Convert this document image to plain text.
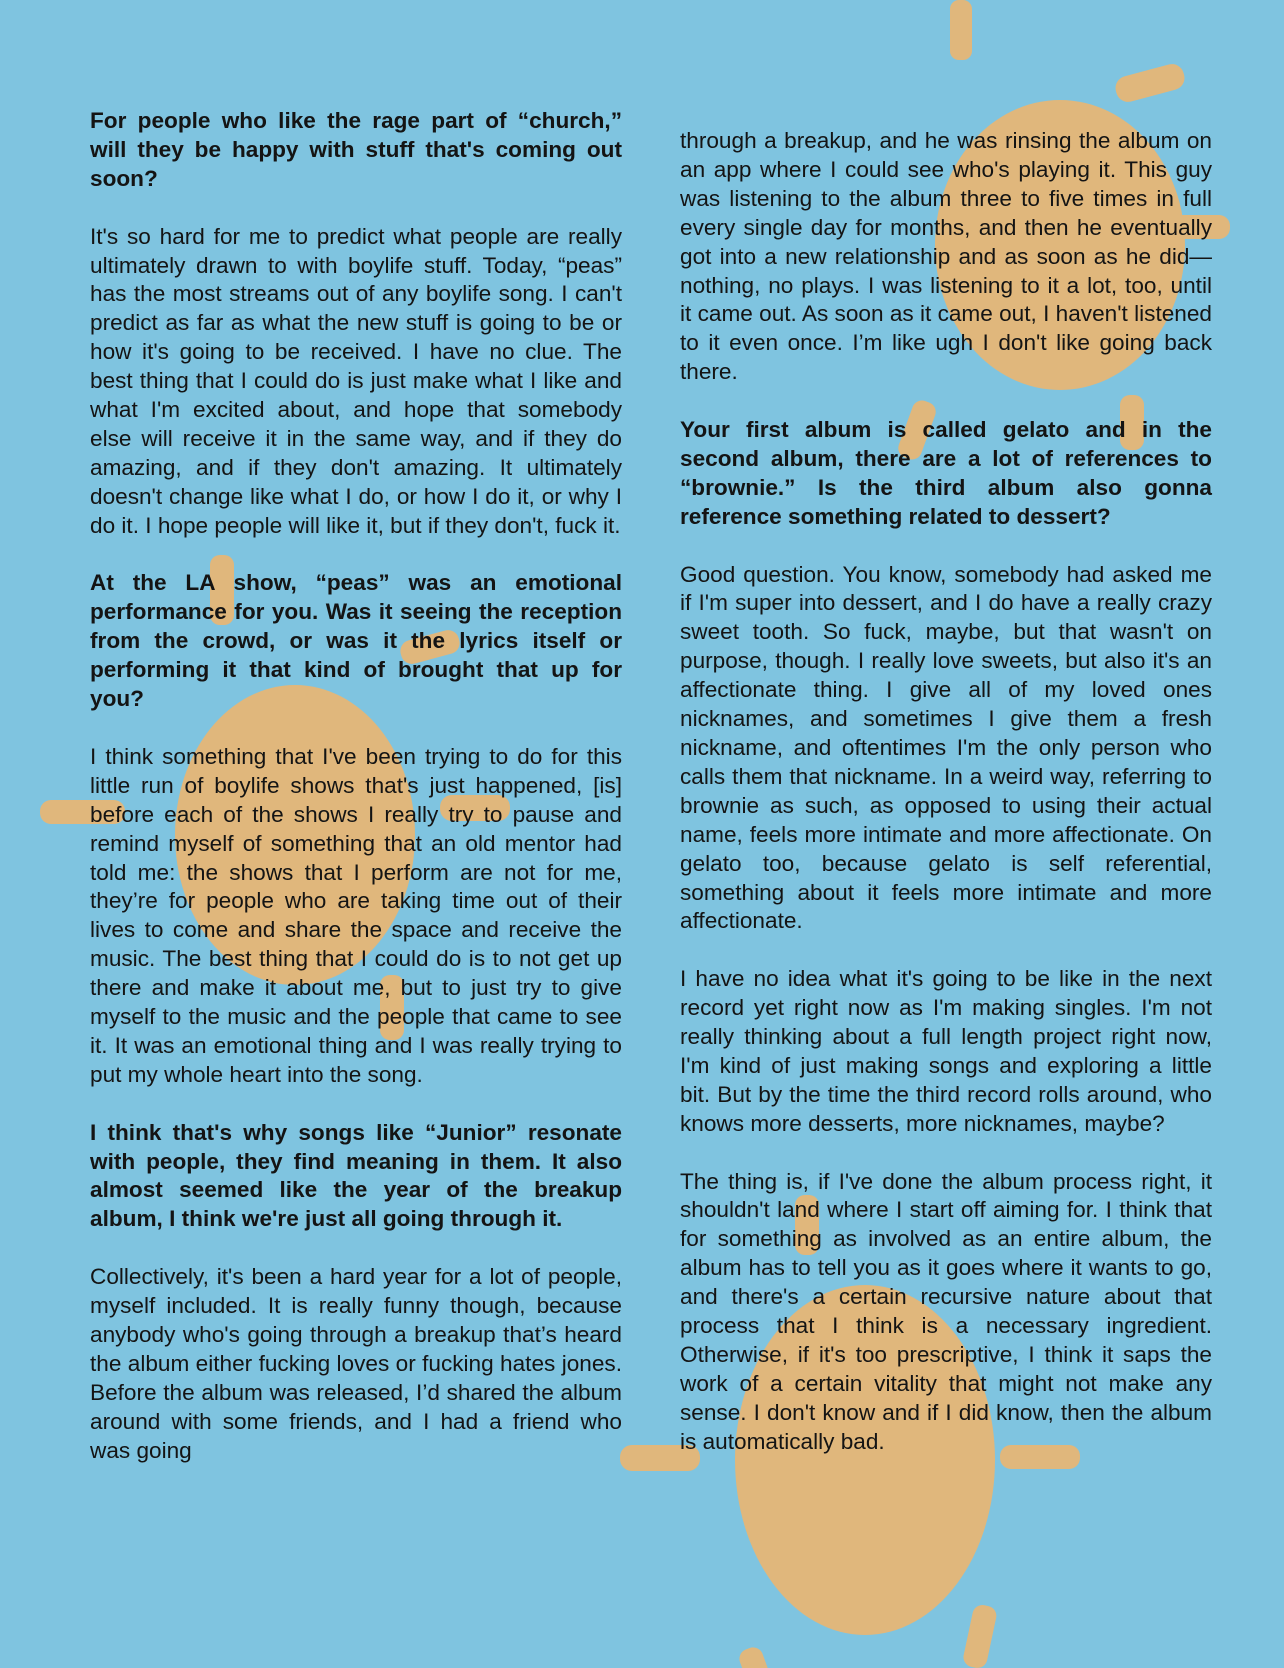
For people who like the rage part of “church,” will they be happy with stuff that's coming out soon?

It's so hard for me to predict what people are really ultimately drawn to with boylife stuff. Today, “peas” has the most streams out of any boylife song. I can't predict as far as what the new stuff is going to be or how it's going to be received. I have no clue. The best thing that I could do is just make what I like and what I'm excited about, and hope that somebody else will receive it in the same way, and if they do amazing, and if they don't amazing. It ultimately doesn't change like what I do, or how I do it, or why I do it. I hope people will like it, but if they don't, fuck it.

At the LA show, “peas” was an emotional performance for you. Was it seeing the reception from the crowd, or was it the lyrics itself or performing it that kind of brought that up for you?

I think something that I've been trying to do for this little run of boylife shows that's just happened, [is] before each of the shows I really try to pause and remind myself of something that an old mentor had told me: the shows that I perform are not for me, they’re for people who are taking time out of their lives to come and share the space and receive the music. The best thing that I could do is to not get up there and make it about me, but to just try to give myself to the music and the people that came to see it. It was an emotional thing and I was really trying to put my whole heart into the song.

I think that's why songs like “Junior” resonate with people, they find meaning in them. It also almost seemed like the year of the breakup album, I think we're just all going through it.

Collectively, it's been a hard year for a lot of people, myself included. It is really funny though, because anybody who's going through a breakup that’s heard the album either fucking loves or fucking hates jones. Before the album was released, I’d shared the album around with some friends, and I had a friend who was going

through a breakup, and he was rinsing the album on an app where I could see who's playing it. This guy was listening to the album three to five times in full every single day for months, and then he eventually got into a new relationship and as soon as he did—nothing, no plays. I was listening to it a lot, too, until it came out. As soon as it came out, I haven't listened to it even once. I’m like ugh I don't like going back there.

Your first album is called gelato and in the second album, there are a lot of references to “brownie.” Is the third album also gonna reference something related to dessert?

Good question. You know, somebody had asked me if I'm super into dessert, and I do have a really crazy sweet tooth. So fuck, maybe, but that wasn't on purpose, though. I really love sweets, but also it's an affectionate thing. I give all of my loved ones nicknames, and sometimes I give them a fresh nickname, and oftentimes I'm the only person who calls them that nickname. In a weird way, referring to brownie as such, as opposed to using their actual name, feels more intimate and more affectionate. On gelato too, because gelato is self referential, something about it feels more intimate and more affectionate.

I have no idea what it's going to be like in the next record yet right now as I'm making singles. I'm not really thinking about a full length project right now, I'm kind of just making songs and exploring a little bit. But by the time the third record rolls around, who knows more desserts, more nicknames, maybe?

The thing is, if I've done the album process right, it shouldn't land where I start off aiming for. I think that for something as involved as an entire album, the album has to tell you as it goes where it wants to go, and there's a certain recursive nature about that process that I think is a necessary ingredient. Otherwise, if it's too prescriptive, I think it saps the work of a certain vitality that might not make any sense. I don't know and if I did know, then the album is automatically bad.
